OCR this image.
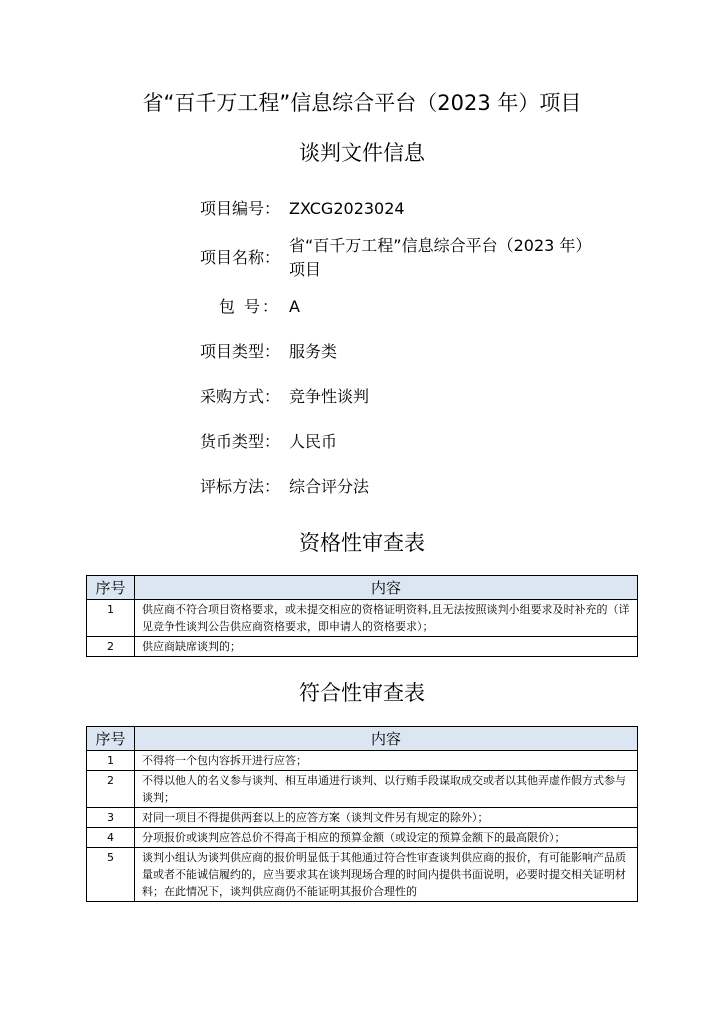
省“百千万工程”信息综合平台（2023 年）项目
谈判文件信息
项目编号： ZXCG2023024
项目名称：
省“百千万工程”信息综合平台（2023 年）项目
包 号： A
项目类型： 服务类
采购方式： 竞争性谈判
货币类型： 人民币
评标方法： 综合评分法
资格性审查表
序号	内容
1	供应商不符合项目资格要求，或未提交相应的资格证明资料,且无法按照谈判小组要求及时补充的（详见竞争性谈判公告供应商资格要求，即申请人的资格要求）；
2	供应商缺席谈判的；
符合性审查表
序号	内容
1	不得将一个包内容拆开进行应答；
2	不得以他人的名义参与谈判、相互串通进行谈判、以行贿手段谋取成交或者以其他弄虚作假方式参与谈判；
3	对同一项目不得提供两套以上的应答方案（谈判文件另有规定的除外）；
4	分项报价或谈判应答总价不得高于相应的预算金额（或设定的预算金额下的最高限价）；
5	谈判小组认为谈判供应商的报价明显低于其他通过符合性审查谈判供应商的报价，有可能影响产品质量或者不能诚信履约的，应当要求其在谈判现场合理的时间内提供书面说明，必要时提交相关证明材料；在此情况下，谈判供应商仍不能证明其报价合理性的
